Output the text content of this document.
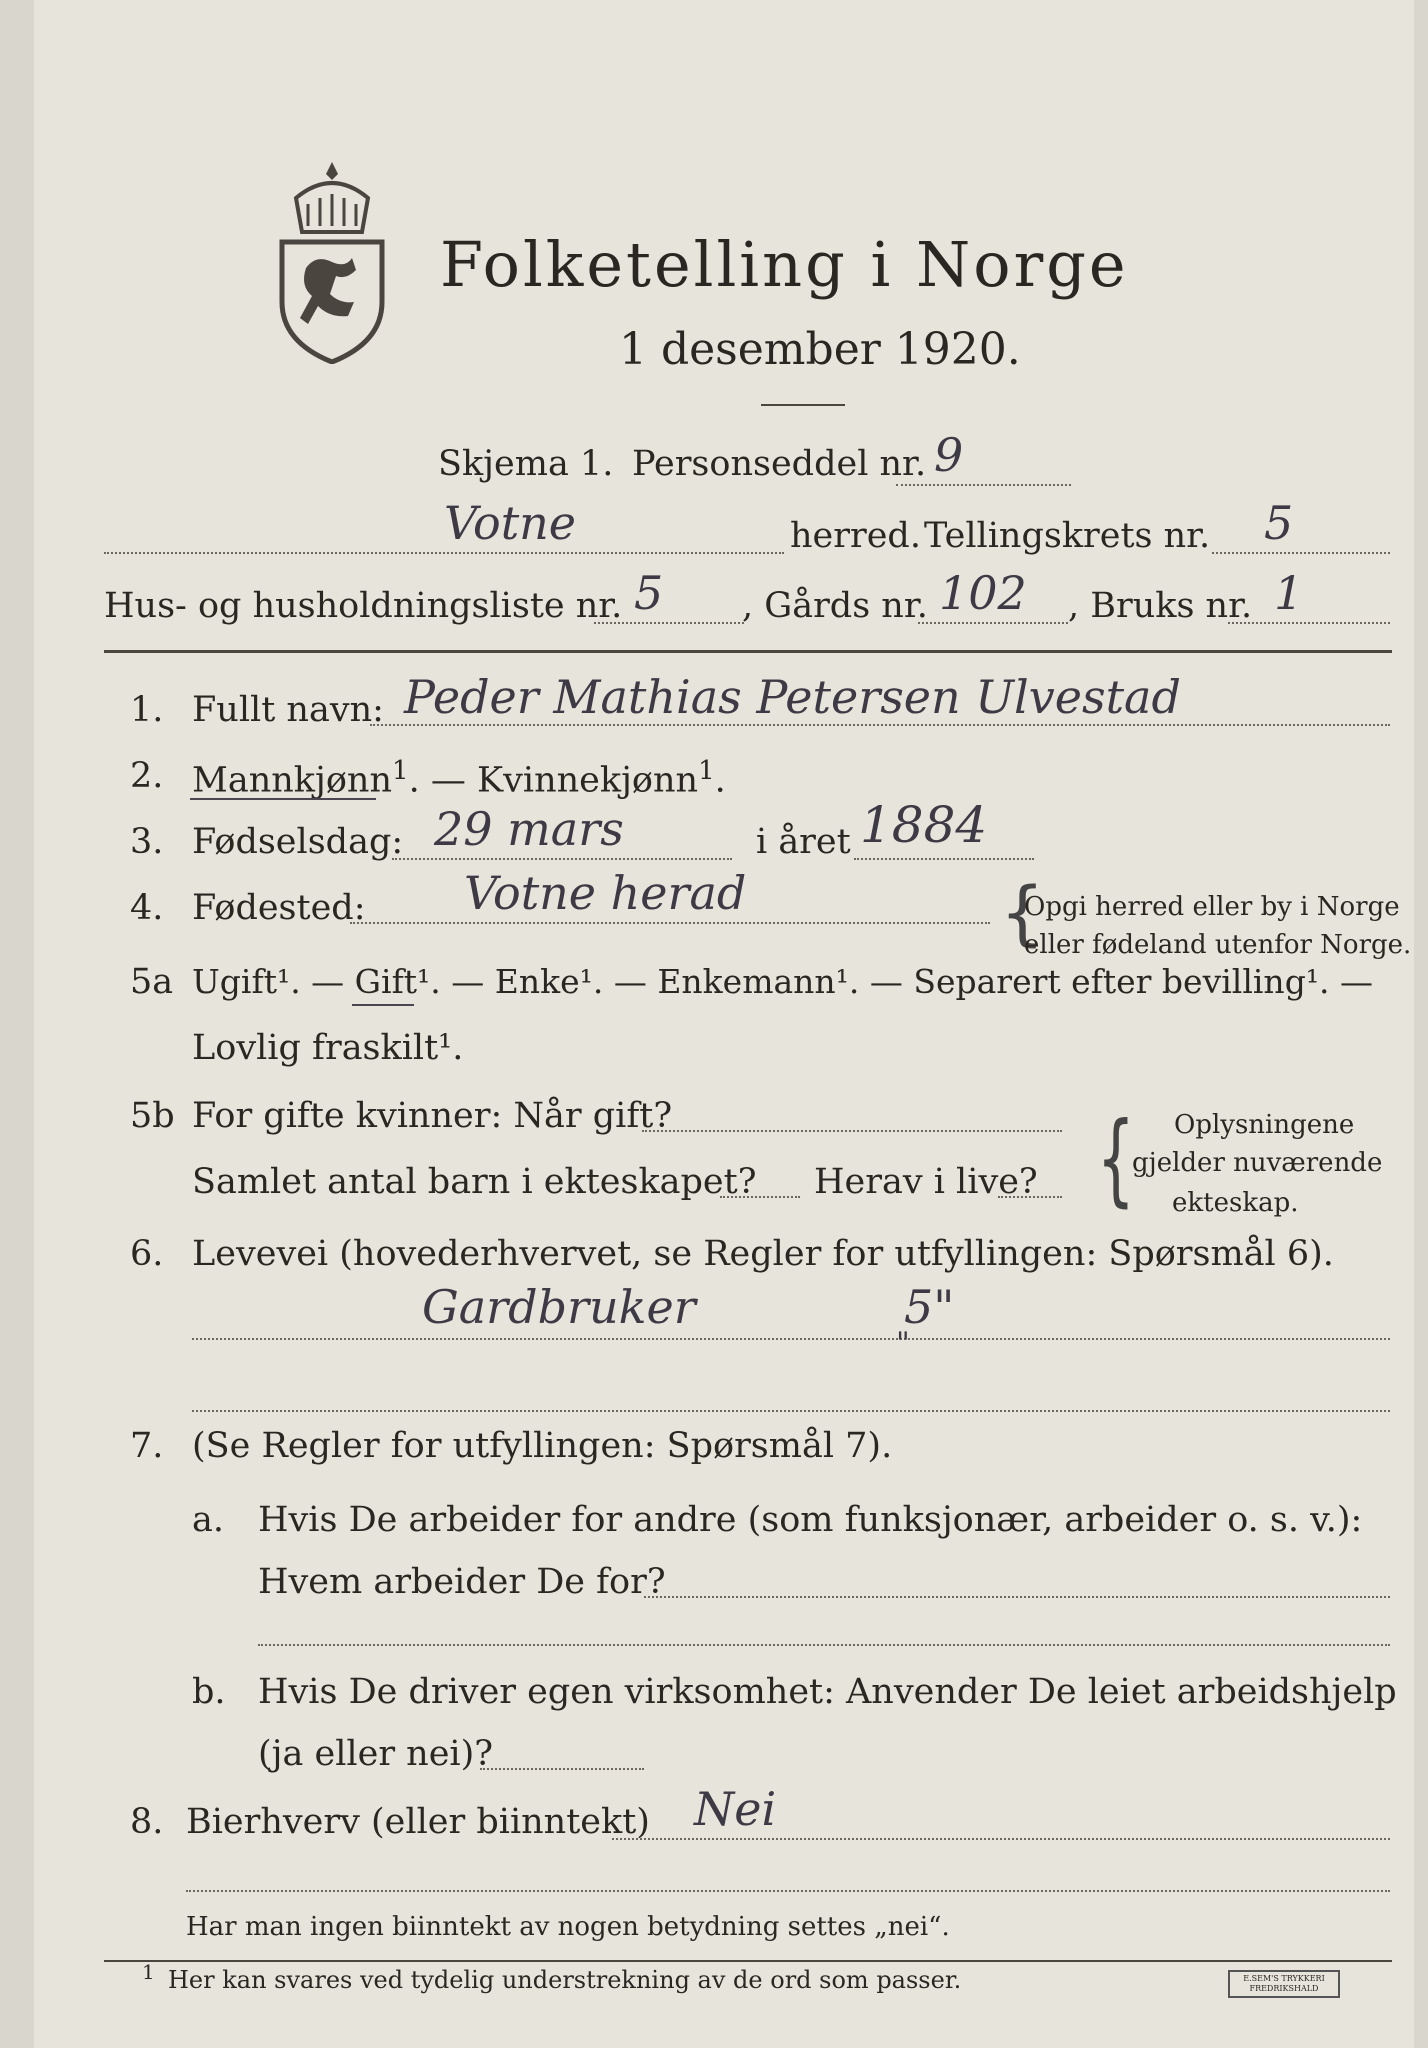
Folketelling i Norge
1 desember 1920.
Skjema 1. Personseddel nr. 9
Votne	herred. Tellingskrets nr. 5
Hus- og husholdningsliste nr. 5 , Gårds nr. 102 , Bruks nr. 1
1. Fullt navn: Peder Mathias Petersen Ulvestad
2. Mannkjønn$^1$. — Kvinnekjønn$^1$.
3. Fødselsdag: 29 mars	i året 1884
4. Fødested: Votne herad	{
Opgi herred eller by i Norge
eller fødeland utenfor Norge.
5a Ugift¹. — Gift¹. — Enke¹. — Enkemann¹. — Separert efter bevilling¹. —
Lovlig fraskilt¹.
5b For gifte kvinner: Når gift?
Samlet antal barn i ekteskapet? Herav i live? { Oplysningene
gjelder nuværende
ekteskap.
6. Levevei (hovederhvervet, se Regler for utfyllingen: Spørsmål 6).
Gardbruker	5"
"
7. (Se Regler for utfyllingen: Spørsmål 7).
a. Hvis De arbeider for andre (som funksjonær, arbeider o. s. v.):
Hvem arbeider De for?
b. Hvis De driver egen virksomhet: Anvender De leiet arbeidshjelp
(ja eller nei)?
8. Bierhverv (eller biinntekt) Nei
Har man ingen biinntekt av nogen betydning settes „nei“.
1 Her kan svares ved tydelig understrekning av de ord som passer.	E.SEM'S TRYKKERI FREDRIKSHALD
